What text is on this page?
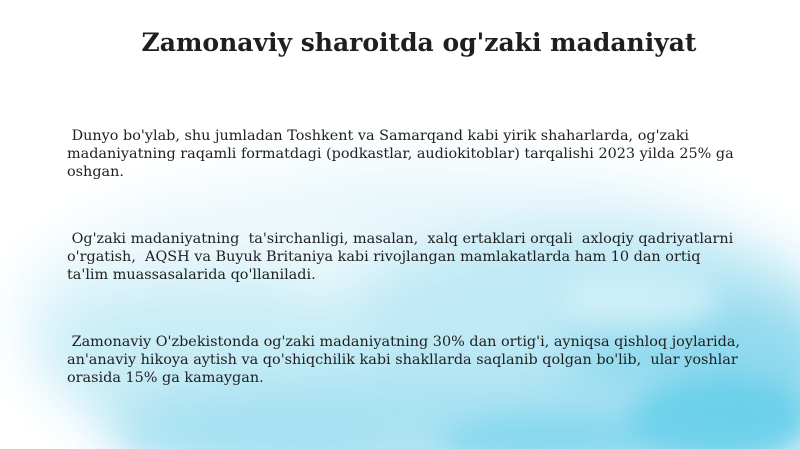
Zamonaviy sharoitda og'zaki madaniyat

Dunyo bo'ylab, shu jumladan Toshkent va Samarqand kabi yirik shaharlarda, og'zaki madaniyatning raqamli formatdagi (podkastlar, audiokitoblar) tarqalishi 2023 yilda 25% ga oshgan.

Og'zaki madaniyatning  ta'sirchanligi, masalan,  xalq ertaklari orqali  axloqiy qadriyatlarni o'rgatish,  AQSH va Buyuk Britaniya kabi rivojlangan mamlakatlarda ham 10 dan ortiq  ta'lim muassasalarida qo'llaniladi.

Zamonaviy O'zbekistonda og'zaki madaniyatning 30% dan ortig'i, ayniqsa qishloq joylarida, an'anaviy hikoya aytish va qo'shiqchilik kabi shakllarda saqlanib qolgan bo'lib,  ular yoshlar orasida 15% ga kamaygan.
